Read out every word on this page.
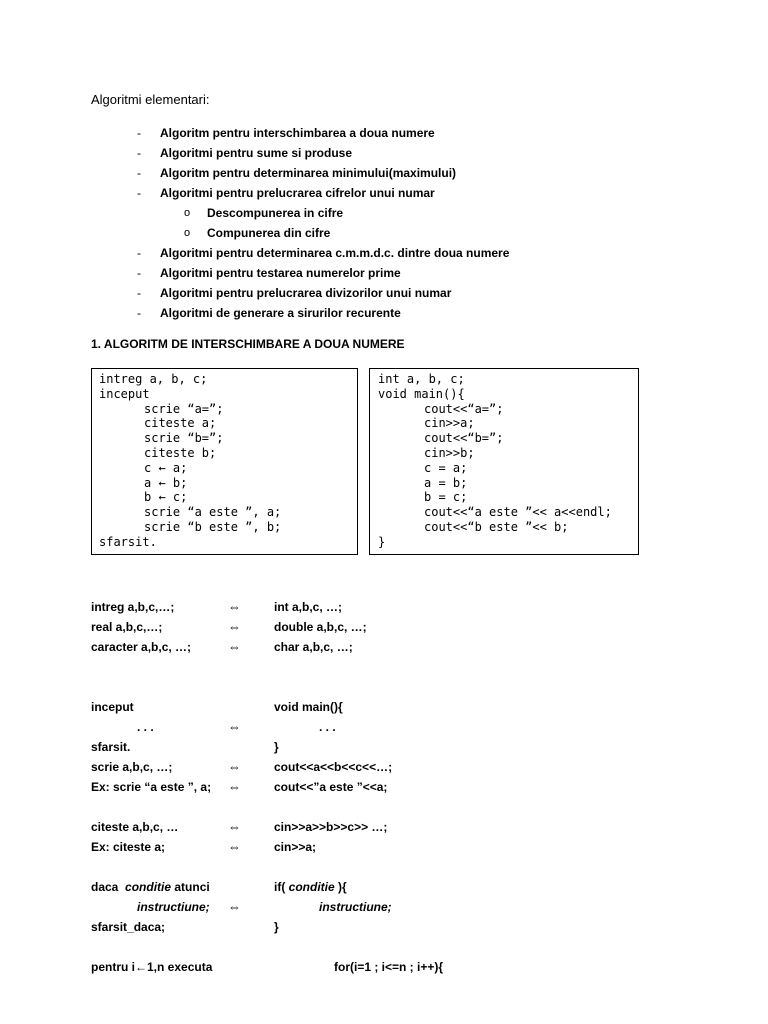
Algoritmi elementari:
- Algoritm pentru interschimbarea a doua numere
- Algoritmi pentru sume si produse
- Algoritm pentru determinarea minimului(maximului)
- Algoritmi pentru prelucrarea cifrelor unui numar
o Descompunerea in cifre
o Compunerea din cifre
- Algoritmi pentru determinarea c.m.m.d.c. dintre doua numere
- Algoritmi pentru testarea numerelor prime
- Algoritmi pentru prelucrarea divizorilor unui numar
- Algoritmi de generare a sirurilor recurente
1. ALGORITM DE INTERSCHIMBARE A DOUA NUMERE
intreg a, b, c;
inceput
scrie “a=”;
citeste a;
scrie “b=”;
citeste b;
c ← a;
a ← b;
b ← c;
scrie “a este ”, a;
scrie “b este ”, b;
sfarsit.
int a, b, c;
void main(){
cout<<“a=”;
cin>>a;
cout<<“b=”;
cin>>b;
c = a;
a = b;
b = c;
cout<<“a este ”<< a<<endl;
cout<<“b este ”<< b;
}
intreg a,b,c,…;	⇔	int a,b,c, …;
real a,b,c,…;	⇔	double a,b,c, …;
caracter a,b,c, …;	⇔	char a,b,c, …;
inceput	void main(){
. . .	⇔	. . .
sfarsit.	}
scrie a,b,c, …;	⇔	cout<<a<<b<<c<<…;
Ex: scrie “a este ”, a; ⇔	cout<<”a este ”<<a;
citeste a,b,c, …	⇔	cin>>a>>b>>c>> …;
Ex: citeste a;	⇔	cin>>a;
daca  conditie atunci	if( conditie ){
instructiune; ⇔	instructiune;
sfarsit_daca;	}
pentru i←1,n executa	for(i=1 ; i<=n ; i++){
